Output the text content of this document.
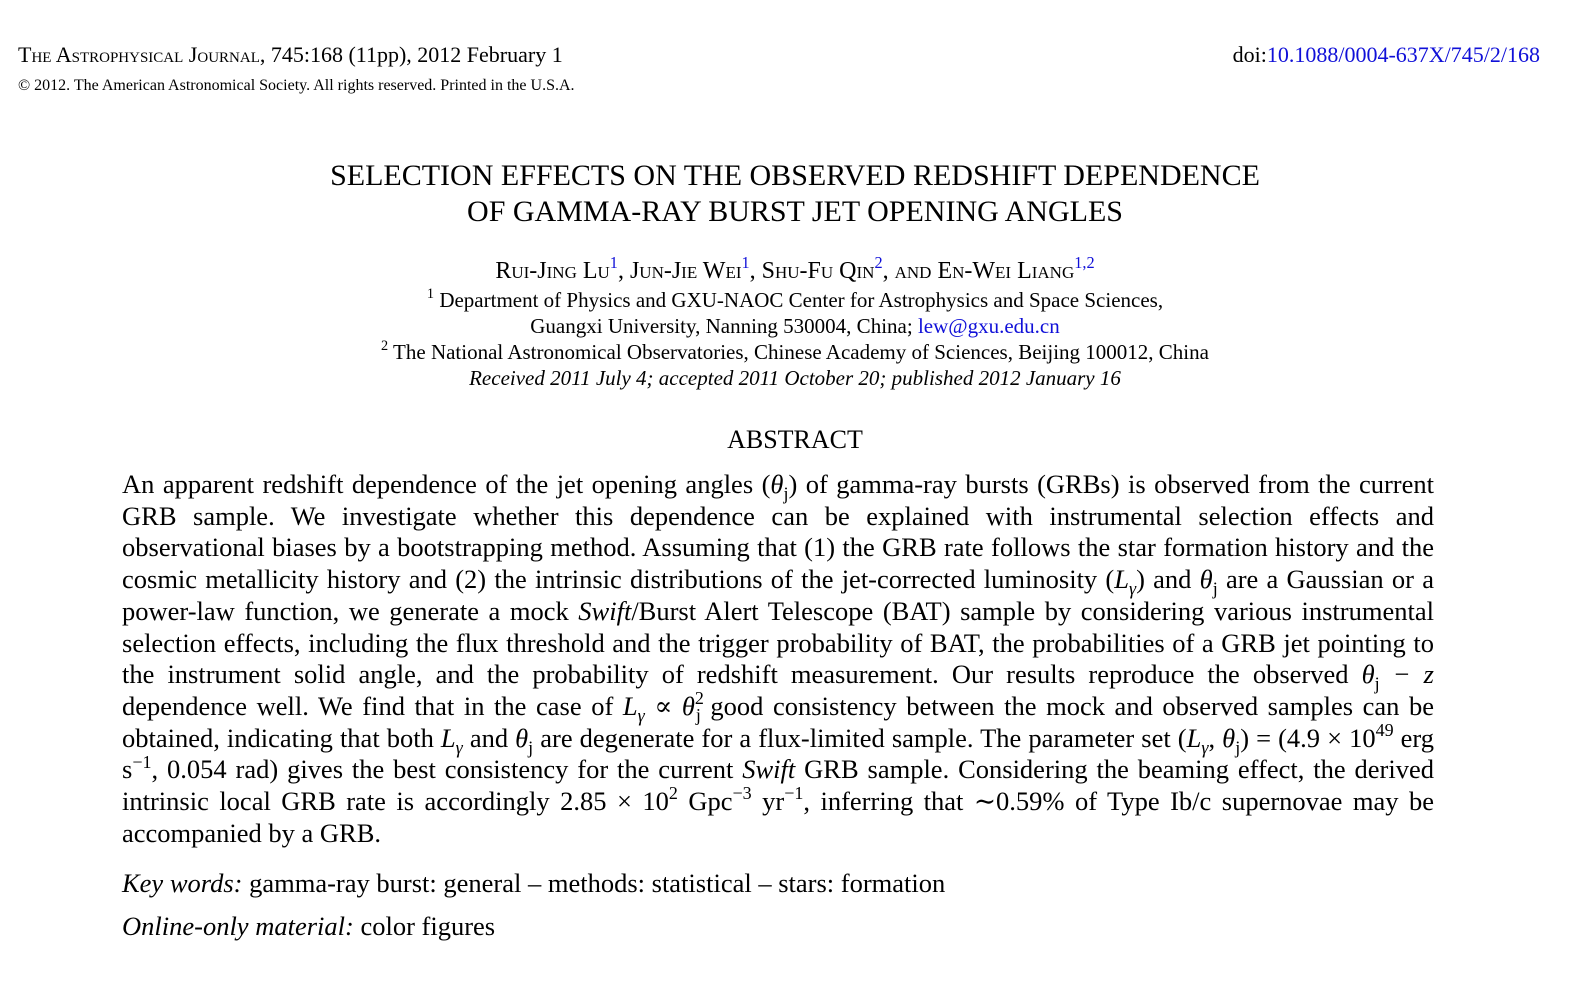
The Astrophysical Journal, 745:168 (11pp), 2012 February 1
© 2012. The American Astronomical Society. All rights reserved. Printed in the U.S.A.
doi:10.1088/0004-637X/745/2/168
SELECTION EFFECTS ON THE OBSERVED REDSHIFT DEPENDENCE
OF GAMMA-RAY BURST JET OPENING ANGLES
Rui-Jing Lu$^1$, Jun-Jie Wei$^1$, Shu-Fu Qin$^2$, and En-Wei Liang$^{1,2}$
$^1$ Department of Physics and GXU-NAOC Center for Astrophysics and Space Sciences,
Guangxi University, Nanning 530004, China; lew@gxu.edu.cn
$^2$ The National Astronomical Observatories, Chinese Academy of Sciences, Beijing 100012, China
Received 2011 July 4; accepted 2011 October 20; published 2012 January 16
ABSTRACT
An apparent redshift dependence of the jet opening angles $(\theta_j)$ of gamma-ray bursts (GRBs) is observed from the current GRB sample. We investigate whether this dependence can be explained with instrumental selection effects and observational biases by a bootstrapping method. Assuming that (1) the GRB rate follows the star formation history and the cosmic metallicity history and (2) the intrinsic distributions of the jet-corrected luminosity $(L_\gamma)$ and $\theta_j$ are a Gaussian or a power-law function, we generate a mock Swift/Burst Alert Telescope (BAT) sample by considering various instrumental selection effects, including the flux threshold and the trigger probability of BAT, the probabilities of a GRB jet pointing to the instrument solid angle, and the probability of redshift measurement. Our results reproduce the observed $\theta_j - z$ dependence well. We find that in the case of $L_\gamma \propto \theta^2_j$ good consistency between the mock and observed samples can be obtained, indicating that both $L_\gamma$ and $\theta_j$ are degenerate for a flux-limited sample. The parameter set ($L_\gamma$, $\theta_j) = (4.9 \times 10^{49}$ erg $s^{-1}$, 0.054 rad) gives the best consistency for the current Swift GRB sample. Considering the beaming effect, the derived intrinsic local GRB rate is accordingly $2.85 \times 10^2$ Gpc$^{-3}$ $yr^{-1}$, inferring that ∼0.59% of Type Ib/c supernovae may be accompanied by a GRB.
Key words: gamma-ray burst: general – methods: statistical – stars: formation
Online-only material: color figures
